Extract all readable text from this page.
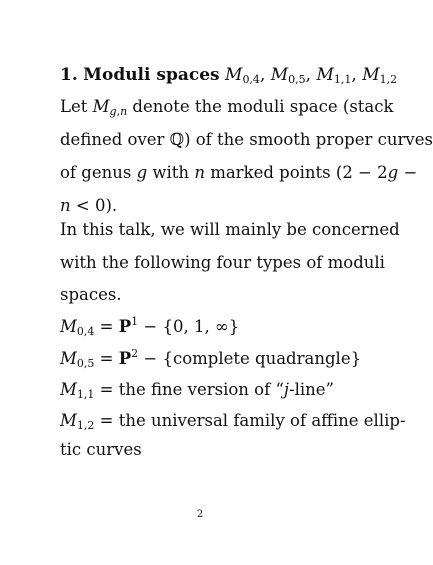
1. Moduli spaces $M_{0,4}$, $M_{0,5}$, $M_{1,1}$, $M_{1,2}$
Let $M_{g,n}$ denote the moduli space (stack
defined over ℚ) of the smooth proper curves
of genus g with n marked points (2 − 2g −
n < 0).
In this talk, we will mainly be concerned
with the following four types of moduli
spaces.
$M_{0,4} = P^1 - \{0$, 1, ∞}
$M_{0,5} = P^2$ − {complete quadrangle}
$M_{1,1}$ = the fine version of “j-line”
$M_{1,2}$ = the universal family of affine ellip-
tic curves
2
